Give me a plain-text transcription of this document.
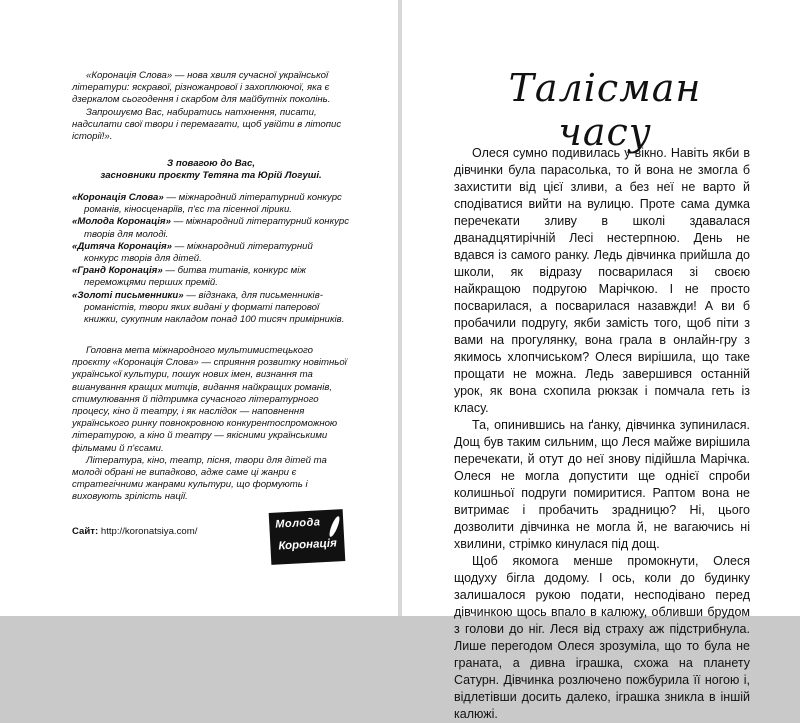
«Коронація Слова» — нова хвиля сучасної української літератури: яскравої, різножанрової і захоплюючої, яка є дзеркалом сьогодення і скарбом для майбутніх поколінь.

Запрошуємо Вас, набиратись натхнення, писати, надсилати свої твори і перемагати, щоб увійти в літопис історії!».

З повагою до Вас,

засновники проєкту Тетяна та Юрій Логуші.

«Коронація Слова» — міжнародний літературний конкурс романів, кіносценаріїв, п'єс та пісенної лірики.

«Молода Коронація» — міжнародний літературний конкурс творів для молоді.

«Дитяча Коронація» — міжнародний літературний конкурс творів для дітей.

«Гранд Коронація» — битва титанів, конкурс між переможцями перших премій.

«Золоті письменники» — відзнака, для письменників-романістів, твори яких видані у форматі паперової книжки, сукупним накладом понад 100 тисяч примірників.

Головна мета міжнародного мультимистецького проєкту «Коронація Слова» — сприяння розвитку новітньої української культури, пошук нових імен, визнання та вшанування кращих митців, видання найкращих романів, стимулювання й підтримка сучасного літературного процесу, кіно й театру, і як наслідок — наповнення українського ринку повнокровною конкурентоспроможною літературою, а кіно й театру — якісними українськими фільмами й п'єсами.

Література, кіно, театр, пісня, твори для дітей та молоді обрані не випадково, адже саме ці жанри є стратегічними жанрами культури, що формують і виховують зрілість нації.

Сайт: http://koronatsiya.com/
Молода
Коронація
Талісман часу

Олеся сумно подивилась у вікно. Навіть якби в дівчинки була парасолька, то й вона не змогла б захистити від цієї зливи, а без неї не варто й сподіватися вийти на вулицю. Проте сама думка перечекати зливу в школі здавалася дванадцятирічній Лесі нестерпною. День не вдався із самого ранку. Ледь дівчинка прийшла до школи, як відразу посварилася зі своєю найкращою подругою Марічкою. І не просто посварилася, а посварилася назавжди! А ви б пробачили подругу, якби замість того, щоб піти з вами на прогулянку, вона грала в онлайн-гру з якимось хлопчиськом? Олеся вирішила, що таке прощати не можна. Ледь завершився останній урок, як вона схопила рюкзак і помчала геть із класу.

Та, опинившись на ґанку, дівчинка зупинилася. Дощ був таким сильним, що Леся майже вирішила перечекати, й отут до неї знову підійшла Марічка. Олеся не могла допустити ще однієї спроби колишньої подруги помиритися. Раптом вона не витримає і пробачить зрадницю? Ні, цього дозволити дівчинка не могла й, не вагаючись ні хвилини, стрімко кинулася під дощ.

Щоб якомога менше промокнути, Олеся щодуху бігла додому. І ось, коли до будинку залишалося рукою подати, несподівано перед дівчинкою щось впало в калюжу, обливши брудом з голови до ніг. Леся від страху аж підстрибнула. Лише перегодом Олеся зрозуміла, що то була не граната, а дивна іграшка, схожа на планету Сатурн. Дівчинка розлючено пожбурила її ногою і, відлетівши досить далеко, іграшка зникла в іншій калюжі.
